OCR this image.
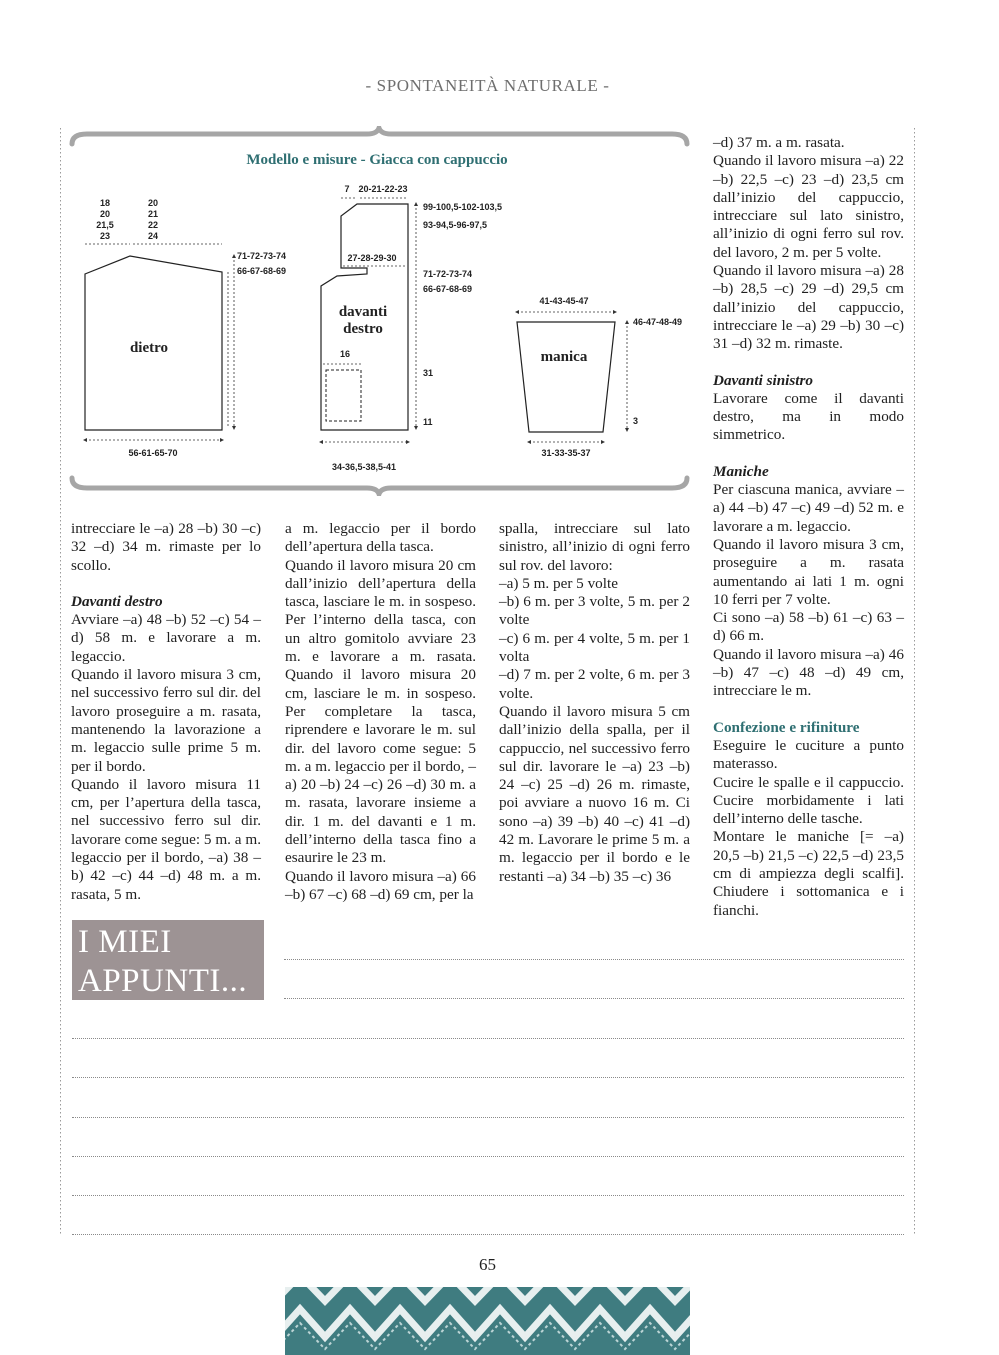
- SPONTANEITÀ NATURALE -
Modello e misure - Giacca con cappuccio
dietro
18
20
21,5
23
20
21
22
24
71-72-73-74
66-67-68-69
56-61-65-70
davanti
destro
7 20-21-22-23
99-100,5-102-103,5
93-94,5-96-97,5
27-28-29-30
71-72-73-74
66-67-68-69
16
31
11
34-36,5-38,5-41
manica
41-43-45-47
46-47-48-49
3
31-33-35-37

intrecciare le –a) 28 –b) 30 –c) 32 –d) 34 m. rimaste per lo scollo.

Davanti destro

Avviare –a) 48 –b) 52 –c) 54 –d) 58 m. e lavorare a m. legaccio.

Quando il lavoro misura 3 cm, nel successivo ferro sul dir. del lavoro proseguire a m. rasata, mantenendo la lavorazione a m. legaccio sulle prime 5 m. per il bordo.

Quando il lavoro misura 11 cm, per l’apertura della tasca, nel successivo ferro sul dir. lavorare come segue: 5 m. a m. legaccio per il bordo, –a) 38 –b) 42 –c) 44 –d) 48 m. a m. rasata, 5 m.

a m. legaccio per il bordo dell’apertura della tasca.

Quando il lavoro misura 20 cm dall’inizio dell’apertura della tasca, lasciare le m. in sospeso. Per l’interno della tasca, con un altro gomitolo avviare 23 m. e lavorare a m. rasata. Quando il lavoro misura 20 cm, lasciare le m. in sospeso. Per completare la tasca, riprendere e lavorare le m. sul dir. del lavoro come segue: 5 m. a m. legaccio per il bordo, –a) 20 –b) 24 –c) 26 –d) 30 m. a m. rasata, lavorare insieme a dir. 1 m. del davanti e 1 m. dell’interno della tasca fino a esaurire le 23 m.

Quando il lavoro misura –a) 66 –b) 67 –c) 68 –d) 69 cm, per la

spalla, intrecciare sul lato sinistro, all’inizio di ogni ferro sul rov. del lavoro:

–a) 5 m. per 5 volte

–b) 6 m. per 3 volte, 5 m. per 2 volte

–c) 6 m. per 4 volte, 5 m. per 1 volta

–d) 7 m. per 2 volte, 6 m. per 3 volte.

Quando il lavoro misura 5 cm dall’inizio della spalla, per il cappuccio, nel successivo ferro sul dir. lavorare le –a) 23 –b) 24 –c) 25 –d) 26 m. rimaste, poi avviare a nuovo 16 m. Ci sono –a) 39 –b) 40 –c) 41 –d) 42 m. Lavorare le prime 5 m. a m. legaccio per il bordo e le restanti –a) 34 –b) 35 –c) 36

–d) 37 m. a m. rasata.

Quando il lavoro misura –a) 22 –b) 22,5 –c) 23 –d) 23,5 cm dall’inizio del cappuccio, intrecciare sul lato sinistro, all’inizio di ogni ferro sul rov. del lavoro, 2 m. per 5 volte.

Quando il lavoro misura –a) 28 –b) 28,5 –c) 29 –d) 29,5 cm dall’inizio del cappuccio, intrecciare le –a) 29 –b) 30 –c) 31 –d) 32 m. rimaste.

Davanti sinistro

Lavorare come il davanti destro, ma in modo simmetrico.

Maniche

Per ciascuna manica, avviare –a) 44 –b) 47 –c) 49 –d) 52 m. e lavorare a m. legaccio.

Quando il lavoro misura 3 cm, proseguire a m. rasata aumentando ai lati 1 m. ogni 10 ferri per 7 volte.

Ci sono –a) 58 –b) 61 –c) 63 –d) 66 m.

Quando il lavoro misura –a) 46 –b) 47 –c) 48 –d) 49 cm, intrecciare le m.

Confezione e rifiniture

Eseguire le cuciture a punto materasso.

Cucire le spalle e il cappuccio. Cucire morbidamente i lati dell’interno delle tasche.

Montare le maniche [= –a) 20,5 –b) 21,5 –c) 22,5 –d) 23,5 cm di ampiezza degli scalfi]. Chiudere i sottomanica e i fianchi.

I MIEI
APPUNTI...
65
